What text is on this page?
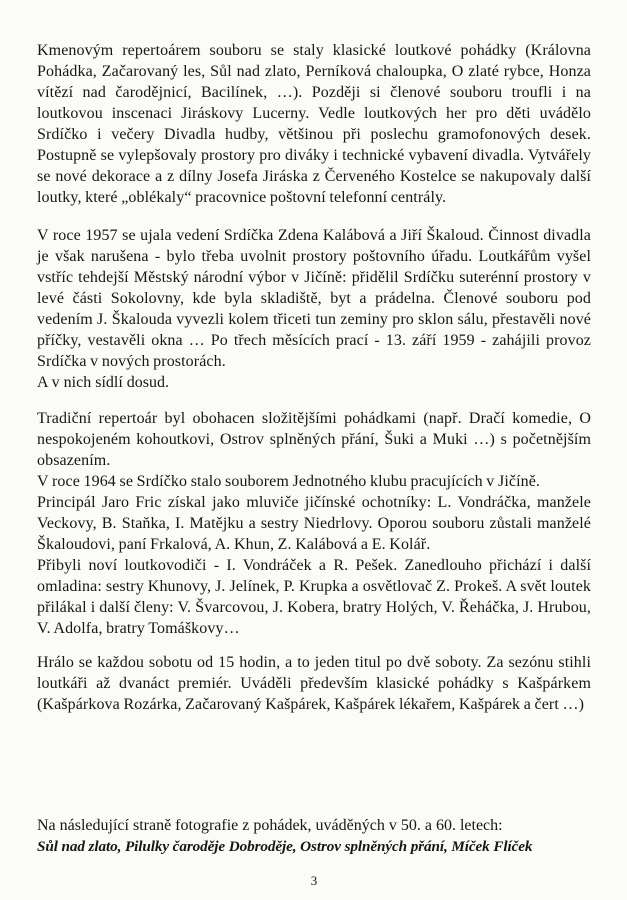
Kmenovým repertoárem souboru se staly klasické loutkové pohádky (Královna Pohádka, Začarovaný les, Sůl nad zlato, Perníková chaloupka, O zlaté rybce, Honza vítězí nad čarodějnicí, Bacilínek, …). Později si členové souboru troufli i na loutkovou inscenaci Jiráskovy Lucerny. Vedle loutkových her pro děti uvádělo Srdíčko i večery Divadla hudby, většinou při poslechu gramofonových desek. Postupně se vylepšovaly prostory pro diváky i technické vybavení divadla. Vytvářely se nové dekorace a z dílny Josefa Jiráska z Červeného Kostelce se nakupovaly další loutky, které „oblékaly“ pracovnice poštovní telefonní centrály.
V roce 1957 se ujala vedení Srdíčka Zdena Kalábová a Jiří Škaloud. Činnost divadla je však narušena - bylo třeba uvolnit prostory poštovního úřadu. Loutkářům vyšel vstříc tehdejší Městský národní výbor v Jičíně: přidělil Srdíčku suterénní prostory v levé části Sokolovny, kde byla skladiště, byt a prádelna. Členové souboru pod vedením J. Škalouda vyvezli kolem třiceti tun zeminy pro sklon sálu, přestavěli nové příčky, vestavěli okna … Po třech měsících prací - 13. září 1959 - zahájili provoz Srdíčka v nových prostorách.
A v nich sídlí dosud.
Tradiční repertoár byl obohacen složitějšími pohádkami (např. Dračí komedie, O nespokojeném kohoutkovi, Ostrov splněných přání, Šuki a Muki …) s početnějším obsazením.
V roce 1964 se Srdíčko stalo souborem Jednotného klubu pracujících v Jičíně.
Principál Jaro Fric získal jako mluviče jičínské ochotníky: L. Vondráčka, manžele Veckovy, B. Staňka, I. Matějku a sestry Niedrlovy. Oporou souboru zůstali manželé Škaloudovi, paní Frkalová, A. Khun, Z. Kalábová a E. Kolář.
Přibyli noví loutkovodiči - I. Vondráček a R. Pešek. Zanedlouho přichází i další omladina: sestry Khunovy, J. Jelínek, P. Krupka a osvětlovač Z. Prokeš. A svět loutek přilákal i další členy: V. Švarcovou, J. Kobera, bratry Holých, V. Řeháčka, J. Hrubou, V. Adolfa, bratry Tomáškovy…
Hrálo se každou sobotu od 15 hodin, a to jeden titul po dvě soboty. Za sezónu stihli loutkáři až dvanáct premiér. Uváděli především klasické pohádky s Kašpárkem (Kašpárkova Rozárka, Začarovaný Kašpárek, Kašpárek lékařem, Kašpárek a čert …)
Na následující straně fotografie z pohádek, uváděných v 50. a 60. letech:
Sůl nad zlato, Pilulky čaroděje Dobroděje, Ostrov splněných přání, Míček Flíček
3
